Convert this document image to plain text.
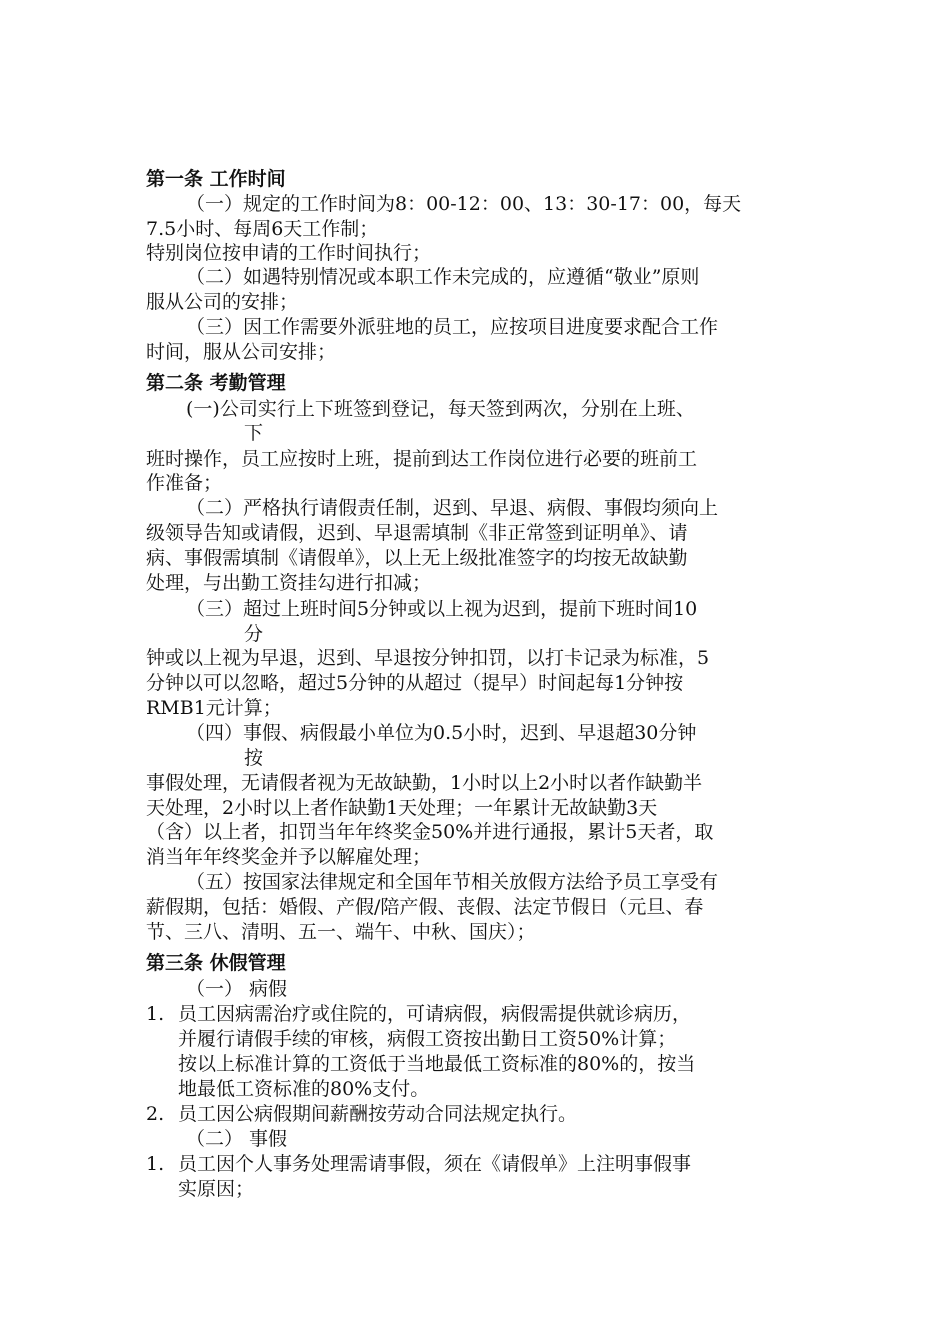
第一条 工作时间
（一）规定的工作时间为8：00-12：00、13：30-17：00，每天
7.5小时、每周6天工作制；
特别岗位按申请的工作时间执行；
（二）如遇特别情况或本职工作未完成的，应遵循“敬业”原则
服从公司的安排；
（三）因工作需要外派驻地的员工，应按项目进度要求配合工作
时间，服从公司安排；
第二条 考勤管理
(一)公司实行上下班签到登记，每天签到两次，分别在上班、
下
班时操作，员工应按时上班，提前到达工作岗位进行必要的班前工
作准备；
（二）严格执行请假责任制，迟到、早退、病假、事假均须向上
级领导告知或请假，迟到、早退需填制《非正常签到证明单》、请
病、事假需填制《请假单》，以上无上级批准签字的均按无故缺勤
处理，与出勤工资挂勾进行扣减；
（三）超过上班时间5分钟或以上视为迟到，提前下班时间10
分
钟或以上视为早退，迟到、早退按分钟扣罚，以打卡记录为标准，5
分钟以可以忽略，超过5分钟的从超过（提早）时间起每1分钟按
RMB1元计算；
（四）事假、病假最小单位为0.5小时，迟到、早退超30分钟
按
事假处理，无请假者视为无故缺勤，1小时以上2小时以者作缺勤半
天处理，2小时以上者作缺勤1天处理；一年累计无故缺勤3天
（含）以上者，扣罚当年年终奖金50%并进行通报，累计5天者，取
消当年年终奖金并予以解雇处理；
（五）按国家法律规定和全国年节相关放假方法给予员工享受有
薪假期，包括：婚假、产假/陪产假、丧假、法定节假日（元旦、春
节、三八、清明、五一、端午、中秋、国庆）；
第三条 休假管理
（一） 病假
1. 员工因病需治疗或住院的，可请病假，病假需提供就诊病历，
并履行请假手续的审核，病假工资按出勤日工资50%计算；
按以上标准计算的工资低于当地最低工资标准的80%的，按当
地最低工资标准的80%支付。
2. 员工因公病假期间薪酬按劳动合同法规定执行。
（二） 事假
1. 员工因个人事务处理需请事假，须在《请假单》上注明事假事
实原因；
